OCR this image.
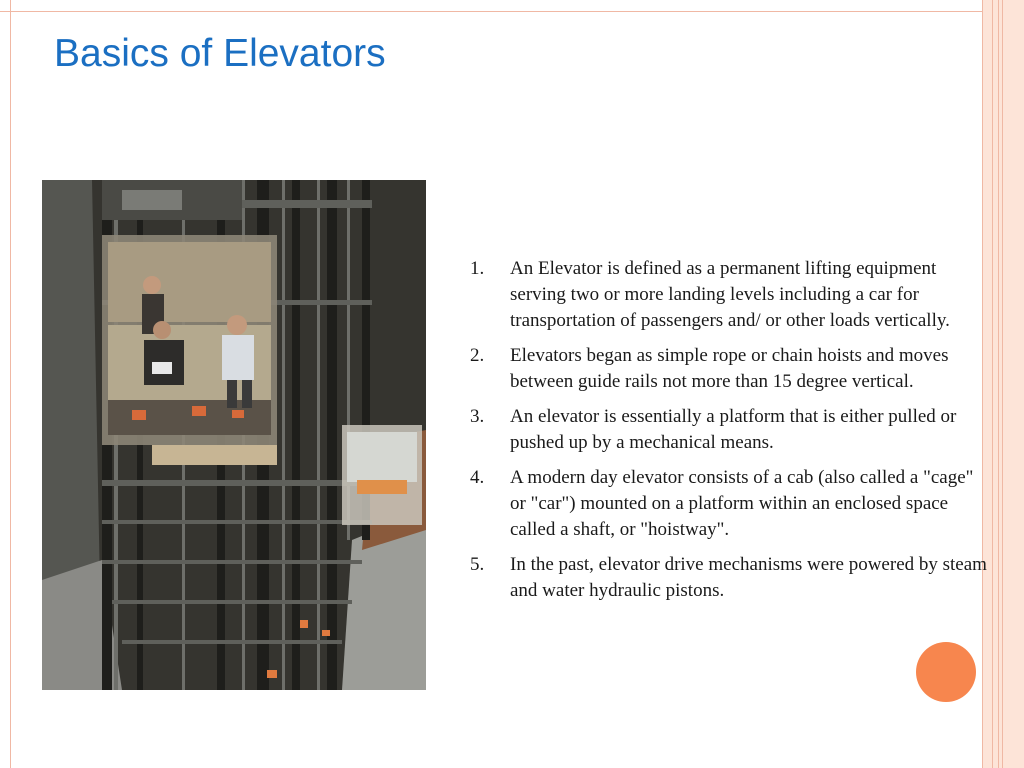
Basics of Elevators
1. An Elevator is defined as a permanent lifting equipment serving two or more landing levels including a car for transportation of passengers and/ or other loads vertically.
2. Elevators began as simple rope or chain hoists and moves between guide rails not more than 15 degree vertical.
3. An elevator is essentially a platform that is either pulled or pushed up by a mechanical means.
4. A modern day elevator consists of a cab (also called a "cage" or "car") mounted on a platform within an enclosed space called a shaft, or "hoistway".
5. In the past, elevator drive mechanisms were powered by steam and water hydraulic pistons.
